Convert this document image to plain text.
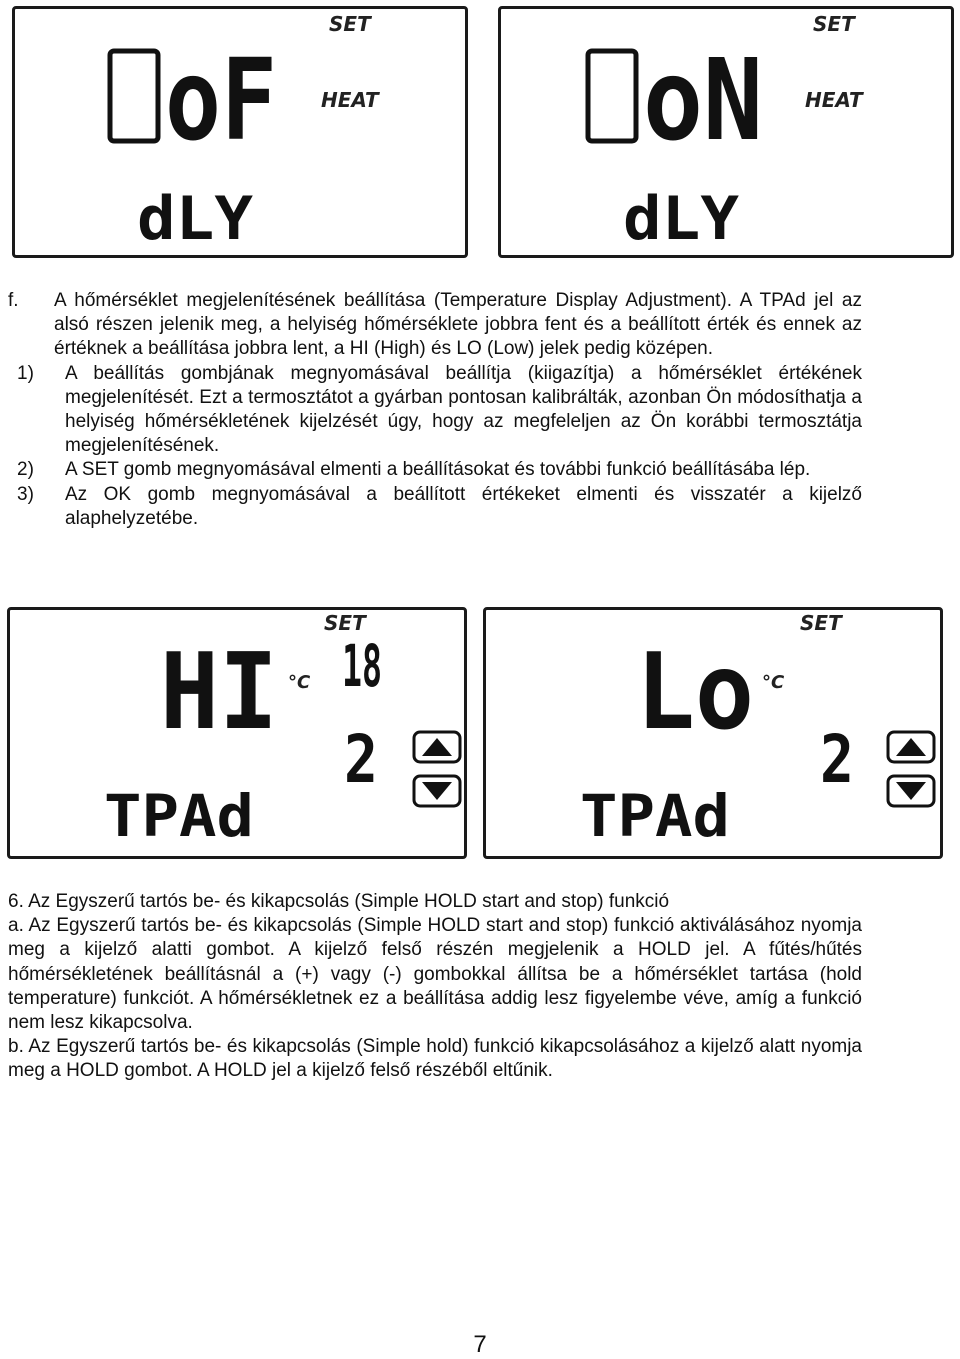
SET
oF HEAT
dLY
SET
oN HEAT
dLY
f. A hőmérséklet megjelenítésének beállítása (Temperature Display Adjustment). A TPAd jel az alsó részen jelenik meg, a helyiség hőmérséklete jobbra fent és a beállított érték és ennek az értéknek a beállítása jobbra lent, a HI (High) és LO (Low) jelek pedig középen.
1) A beállítás gombjának megnyomásával beállítja (kiigazítja) a hőmérséklet értékének megjelenítését. Ezt a termosztátot a gyárban pontosan kalibrálták, azonban Ön módosíthatja a helyiség hőmérsékletének kijelzését úgy, hogy az megfeleljen az Ön korábbi termosztátja megjelenítésének.
2) A SET gomb megnyomásával elmenti a beállításokat és további funkció beállításába lép.
3) Az OK gomb megnyomásával a beállított értékeket elmenti és visszatér a kijelző alaphelyzetébe.
SET
HI °C 18
2
TPAd
SET
Lo °C
2
TPAd
6. Az Egyszerű tartós be- és kikapcsolás (Simple HOLD start and stop) funkció
a. Az Egyszerű tartós be- és kikapcsolás (Simple HOLD start and stop) funkció aktiválásához nyomja meg a kijelző alatti gombot. A kijelző felső részén megjelenik a HOLD jel. A fűtés/hűtés hőmérsékletének beállításnál a (+) vagy (-) gombokkal állítsa be a hőmérséklet tartása (hold temperature) funkciót. A hőmérsékletnek ez a beállítása addig lesz figyelembe véve, amíg a funkció nem lesz kikapcsolva.
b. Az Egyszerű tartós be- és kikapcsolás (Simple hold) funkció kikapcsolásához a kijelző alatt nyomja meg a HOLD gombot. A HOLD jel a kijelző felső részéből eltűnik.
7
